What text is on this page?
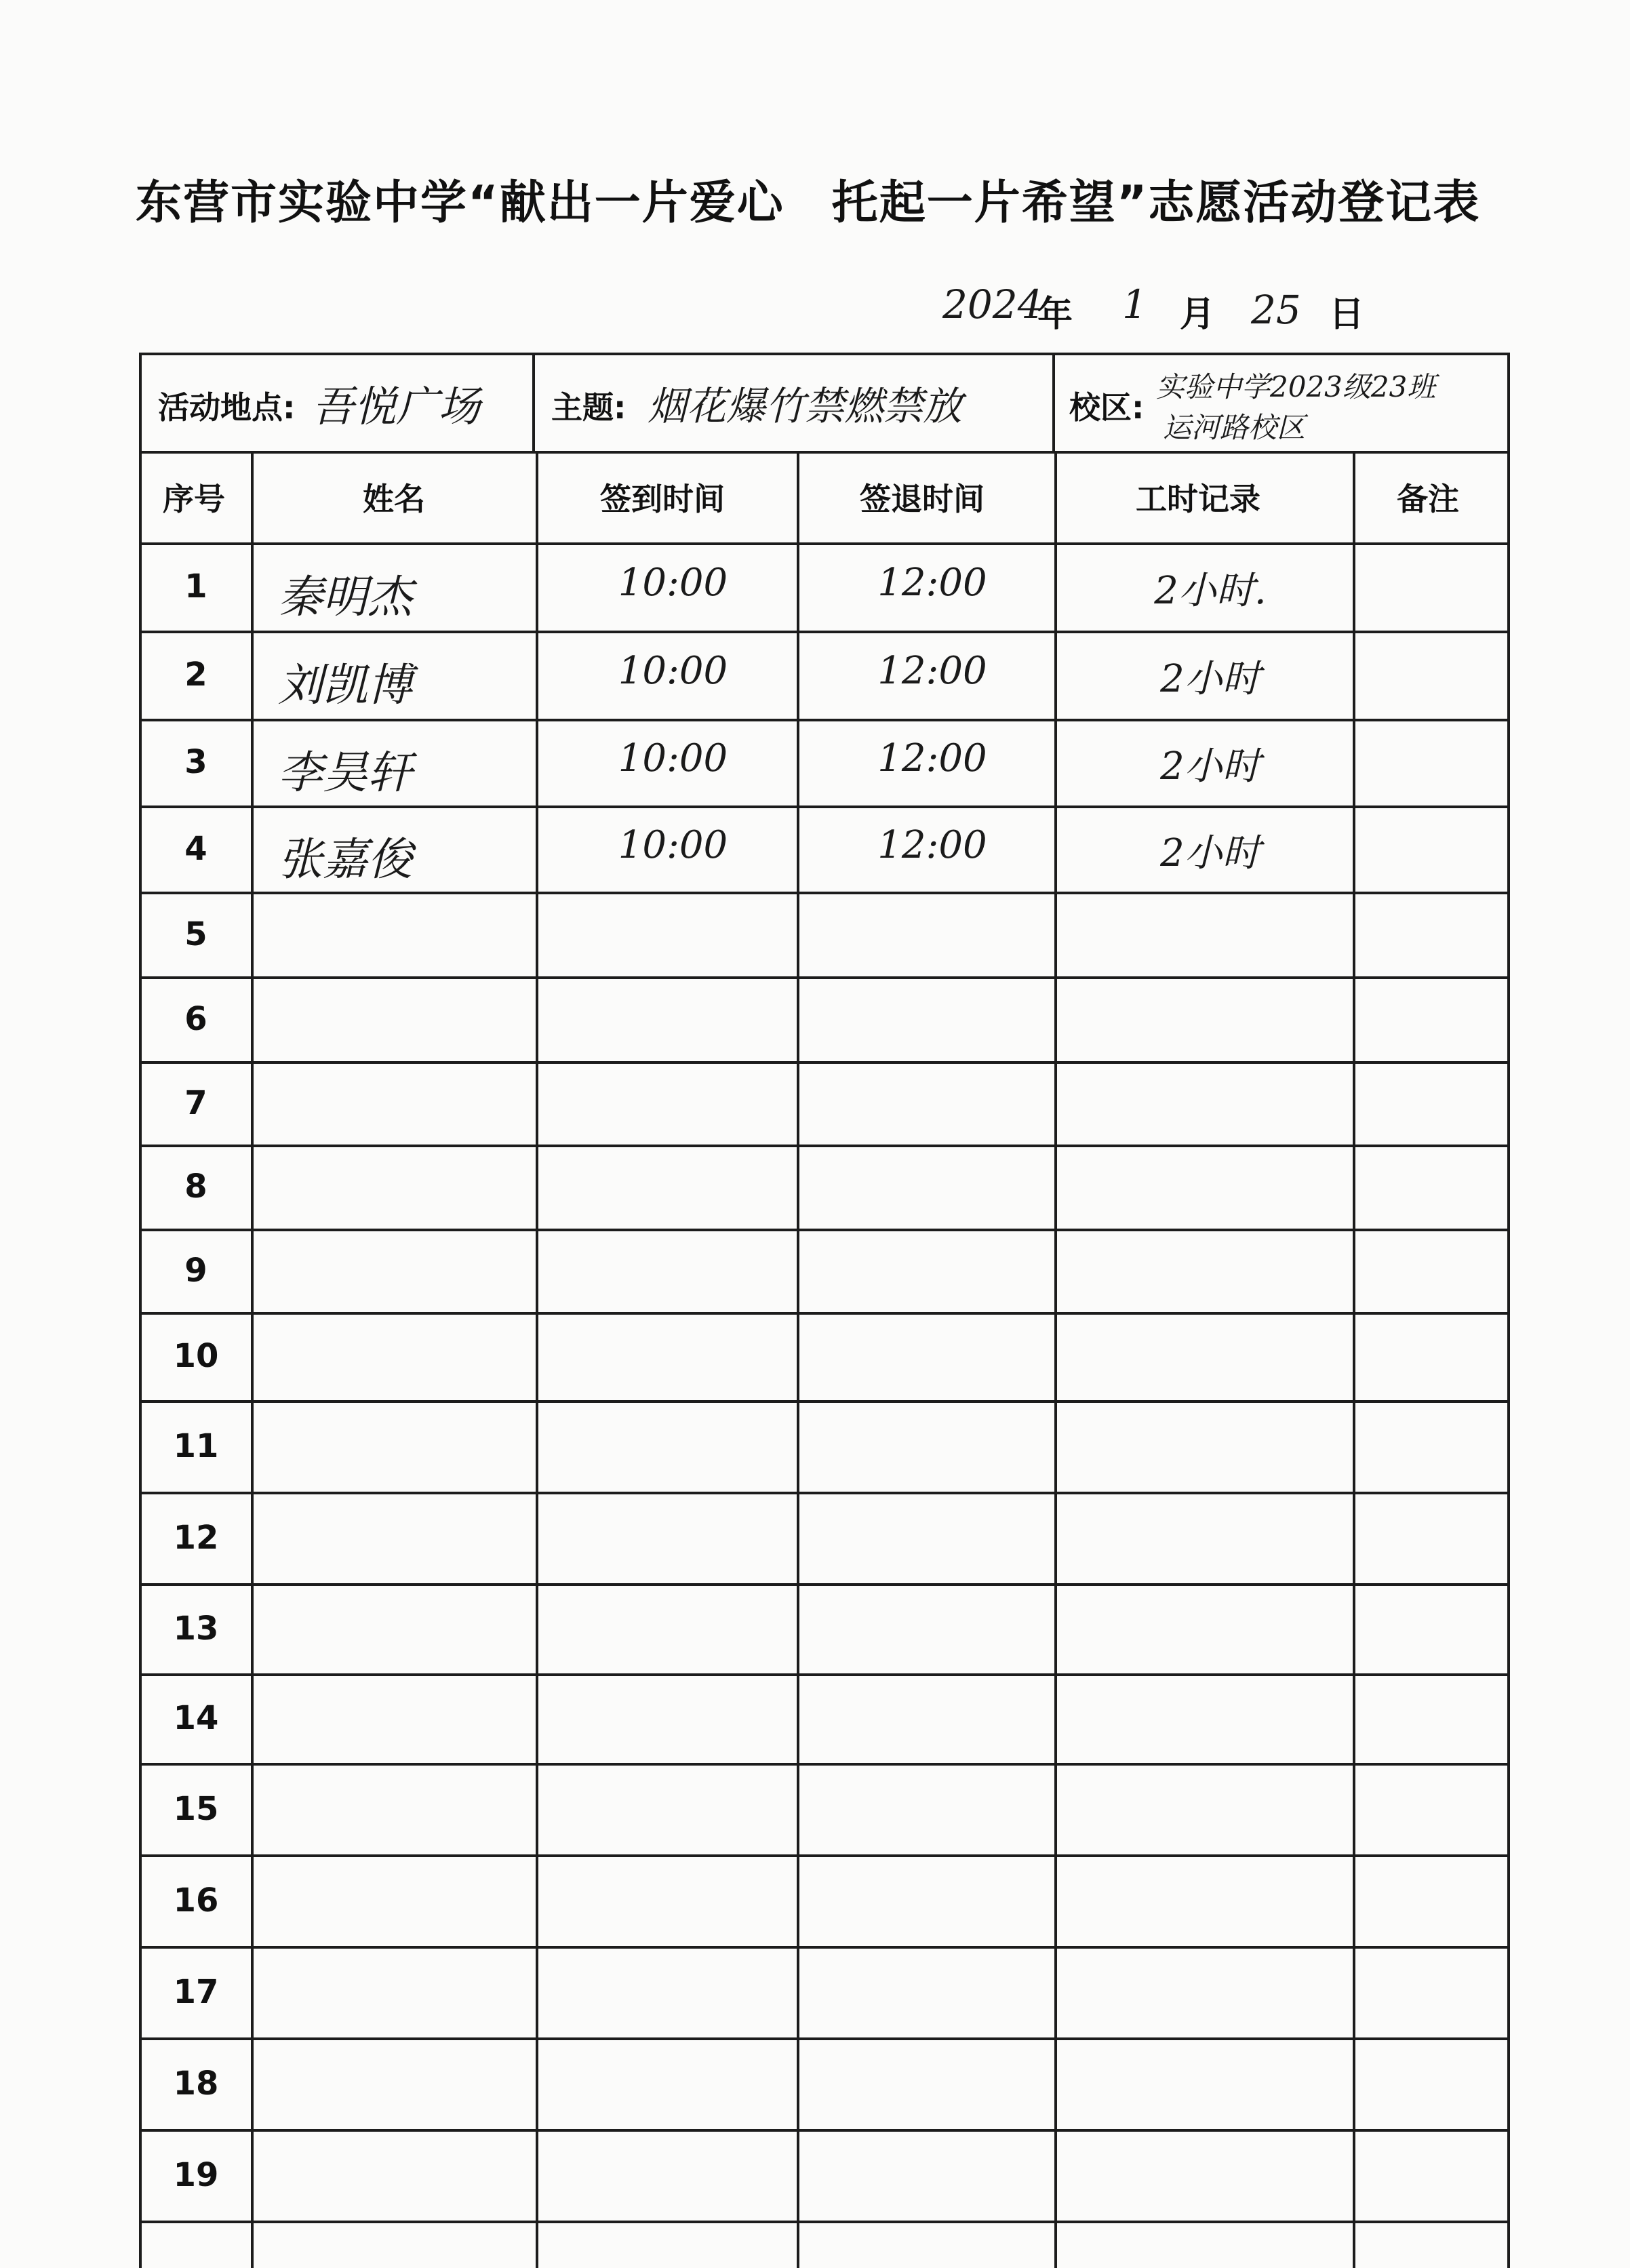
东营市实验中学“献出一片爱心　托起一片希望”志愿活动登记表
2024
年 1 月 25 日
活动地点: 吾悦广场 主题: 烟花爆竹禁燃禁放	校区:
实验中学2023级23班
运河路校区
序号	姓名	签到时间	签退时间	工时记录	备注
1	秦明杰	10:00	12:00	2小时.
2	刘凯博	10:00	12:00	2小时
3	李昊轩	10:00	12:00	2小时
4	张嘉俊	10:00	12:00	2小时
5
6
7
8
9
10
11
12
13
14
15
16
17
18
19
